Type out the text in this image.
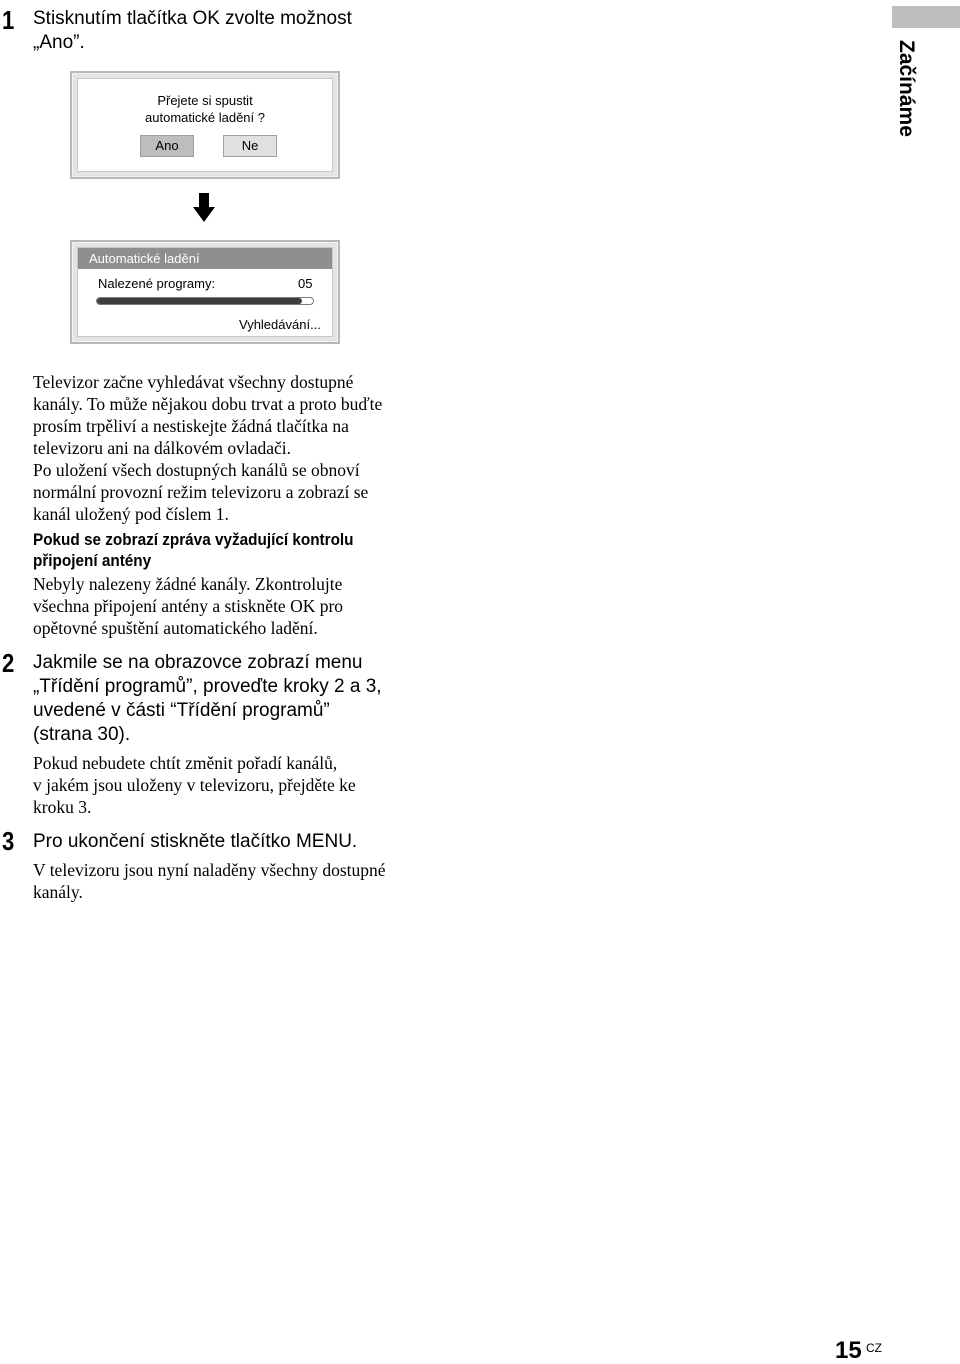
Začínáme
1 Stisknutím tlačítka OK zvolte možnost
„Ano”.
Přejete si spustit
automatické ladění ?
Ano	Ne
Automatické ladění
Nalezené programy:	05
Vyhledávání...
Televizor začne vyhledávat všechny dostupné
kanály. To může nějakou dobu trvat a proto buďte
prosím trpěliví a nestiskejte žádná tlačítka na
televizoru ani na dálkovém ovladači.
Po uložení všech dostupných kanálů se obnoví
normální provozní režim televizoru a zobrazí se
kanál uložený pod číslem 1.
Pokud se zobrazí zpráva vyžadující kontrolu
připojení antény
Nebyly nalezeny žádné kanály. Zkontrolujte
všechna připojení antény a stiskněte OK pro
opětovné spuštění automatického ladění.
2 Jakmile se na obrazovce zobrazí menu
„Třídění programů”, proveďte kroky 2 a 3,
uvedené v části “Třídění programů”
(strana 30).
Pokud nebudete chtít změnit pořadí kanálů,
v jakém jsou uloženy v televizoru, přejděte ke
kroku 3.
3 Pro ukončení stiskněte tlačítko MENU.
V televizoru jsou nyní naladěny všechny dostupné
kanály.
15 CZ
